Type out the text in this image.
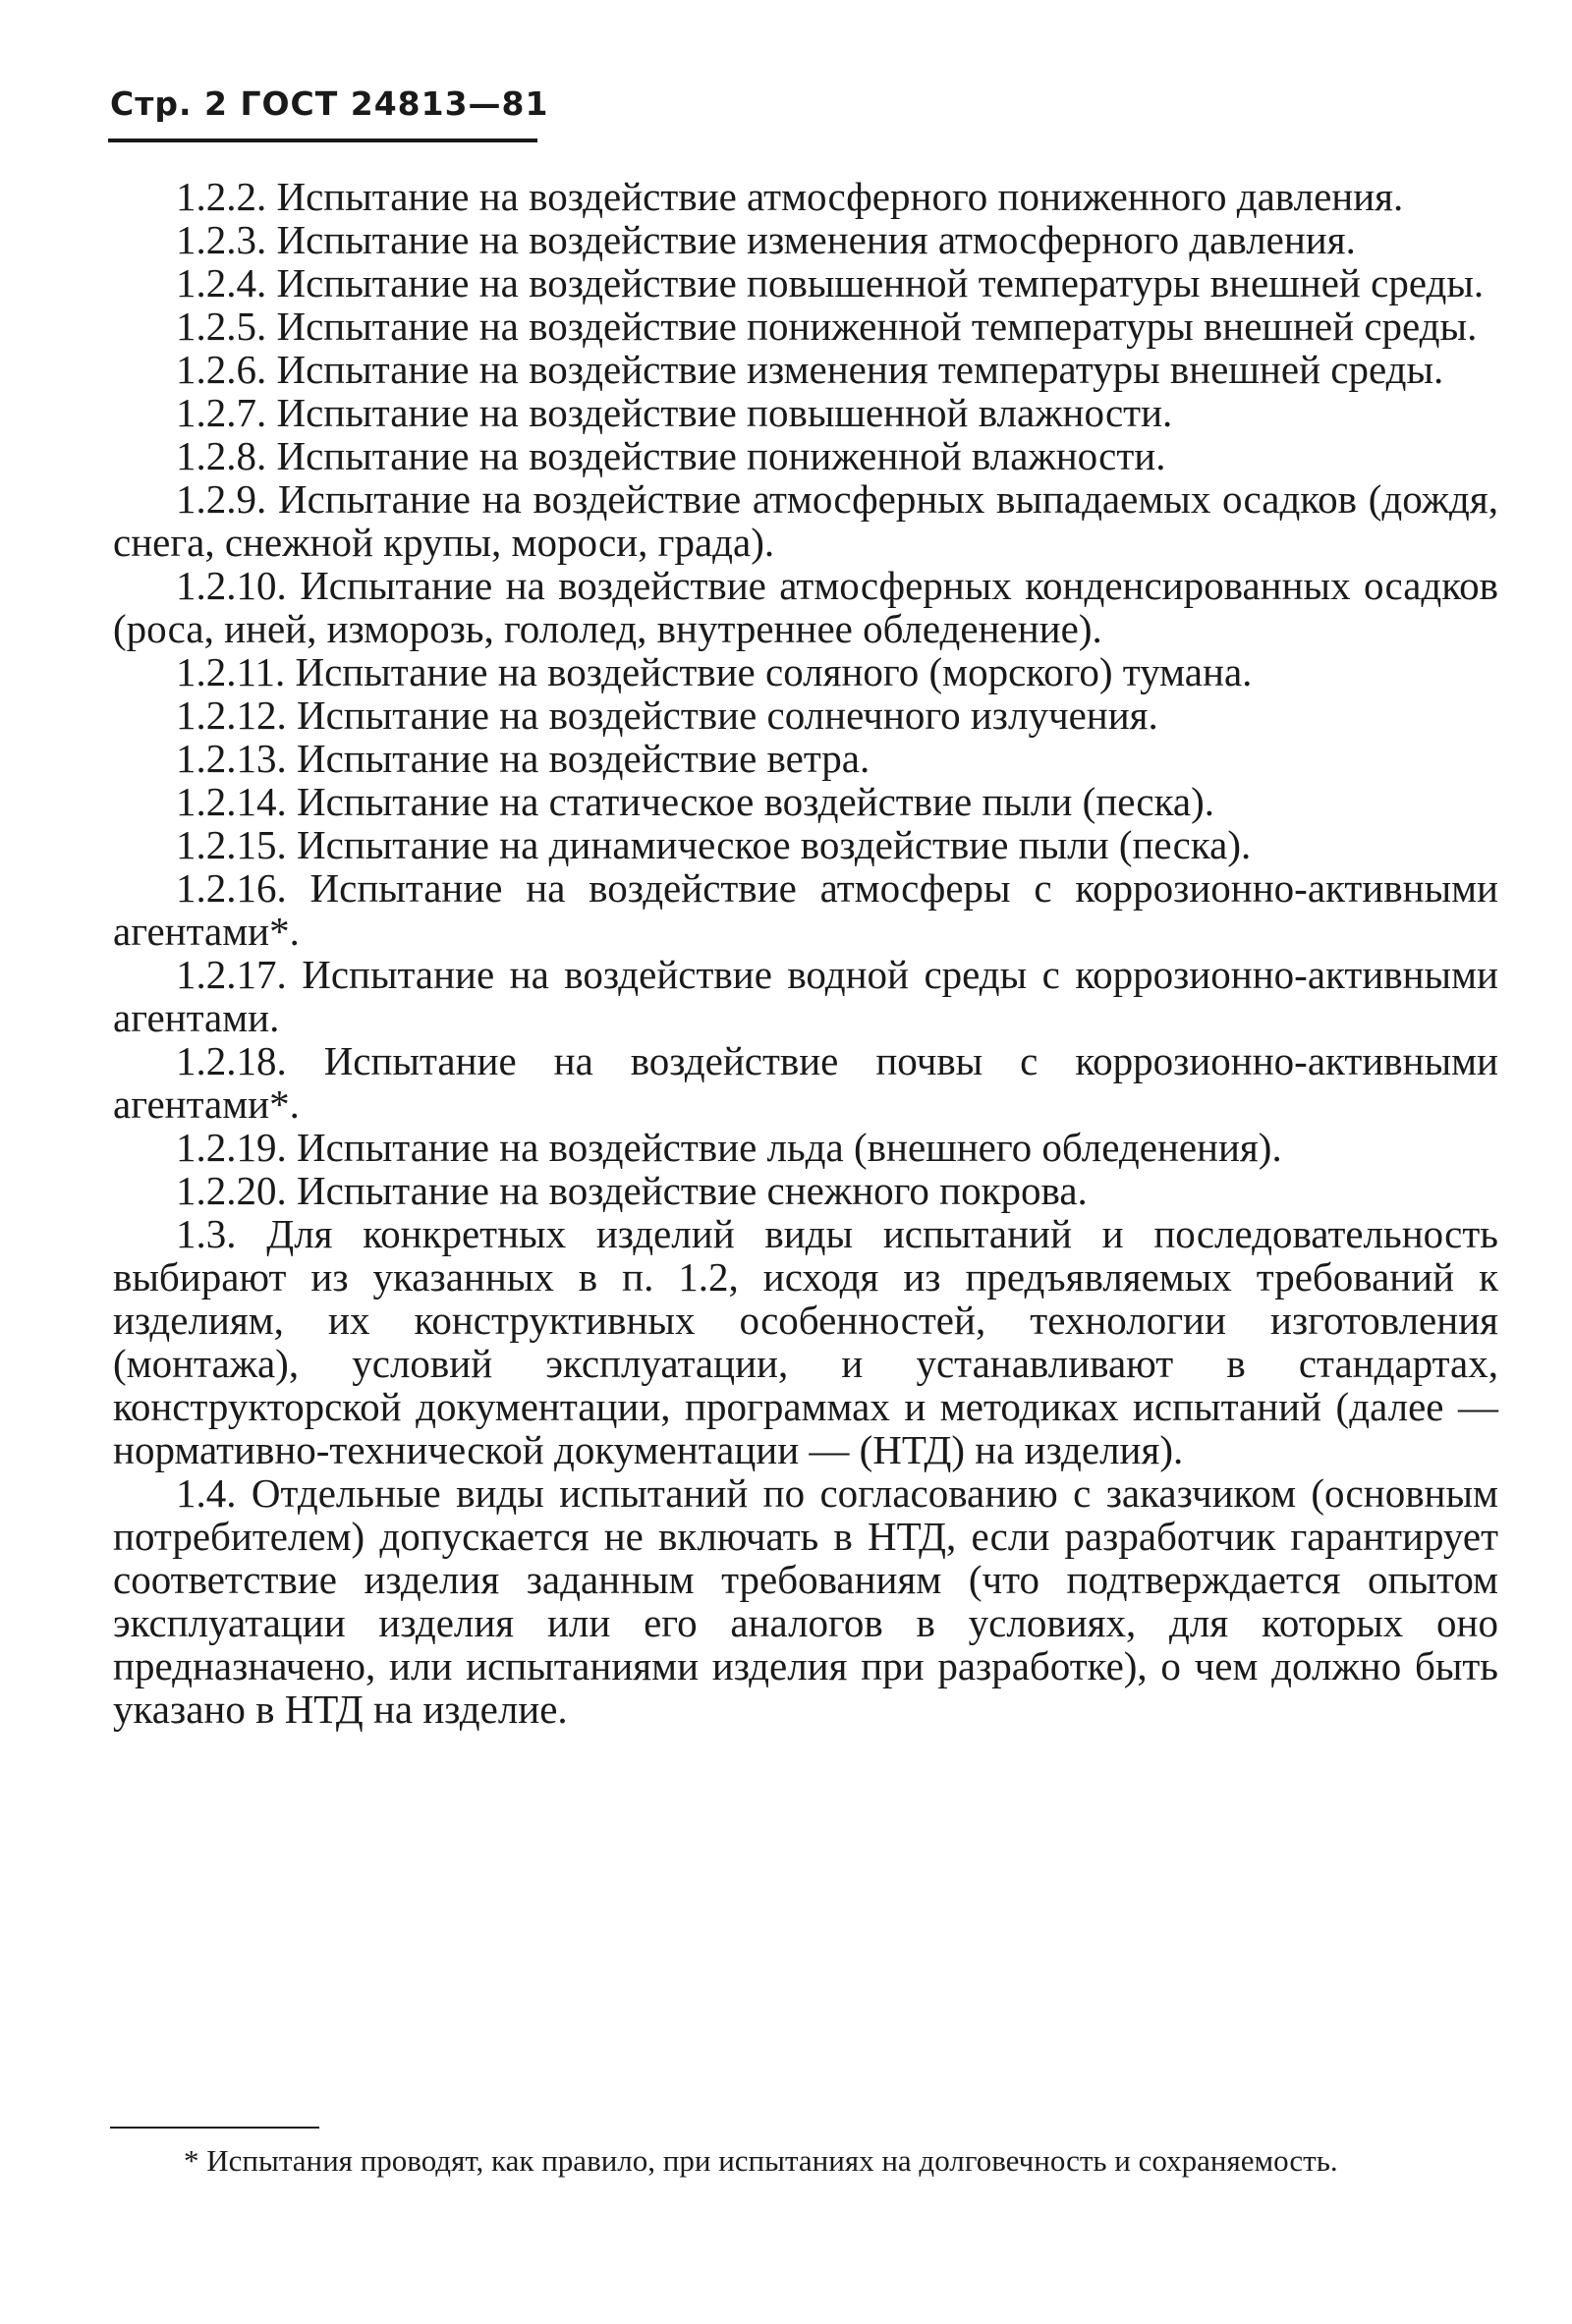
Стр. 2 ГОСТ 24813—81

1.2.2. Испытание на воздействие атмосферного пониженного давления.

1.2.3. Испытание на воздействие изменения атмосферного давления.

1.2.4. Испытание на воздействие повышенной температуры внешней среды.

1.2.5. Испытание на воздействие пониженной температуры внешней среды.

1.2.6. Испытание на воздействие изменения температуры внешней среды.

1.2.7. Испытание на воздействие повышенной влажности.

1.2.8. Испытание на воздействие пониженной влажности.

1.2.9. Испытание на воздействие атмосферных выпадаемых осадков (дождя, снега, снежной крупы, мороси, града).

1.2.10. Испытание на воздействие атмосферных конденсированных осадков (роса, иней, изморозь, гололед, внутреннее обледенение).

1.2.11. Испытание на воздействие соляного (морского) тумана.

1.2.12. Испытание на воздействие солнечного излучения.

1.2.13. Испытание на воздействие ветра.

1.2.14. Испытание на статическое воздействие пыли (песка).

1.2.15. Испытание на динамическое воздействие пыли (песка).

1.2.16. Испытание на воздействие атмосферы с коррозионно-активными агентами*.

1.2.17. Испытание на воздействие водной среды с коррозионно-активными агентами.

1.2.18. Испытание на воздействие почвы с коррозионно-активными агентами*.

1.2.19. Испытание на воздействие льда (внешнего обледенения).

1.2.20. Испытание на воздействие снежного покрова.

1.3. Для конкретных изделий виды испытаний и последовательность выбирают из указанных в п. 1.2, исходя из предъявляемых требований к изделиям, их конструктивных особенностей, технологии изготовления (монтажа), условий эксплуатации, и устанавливают в стандартах, конструкторской документации, программах и методиках испытаний (далее — нормативно-технической документации — (НТД) на изделия).

1.4. Отдельные виды испытаний по согласованию с заказчиком (основным потребителем) допускается не включать в НТД, если разработчик гарантирует соответствие изделия заданным требованиям (что подтверждается опытом эксплуатации изделия или его аналогов в условиях, для которых оно предназначено, или испытаниями изделия при разработке), о чем должно быть указано в НТД на изделие.

* Испытания проводят, как правило, при испытаниях на долговечность и сохраняемость.
